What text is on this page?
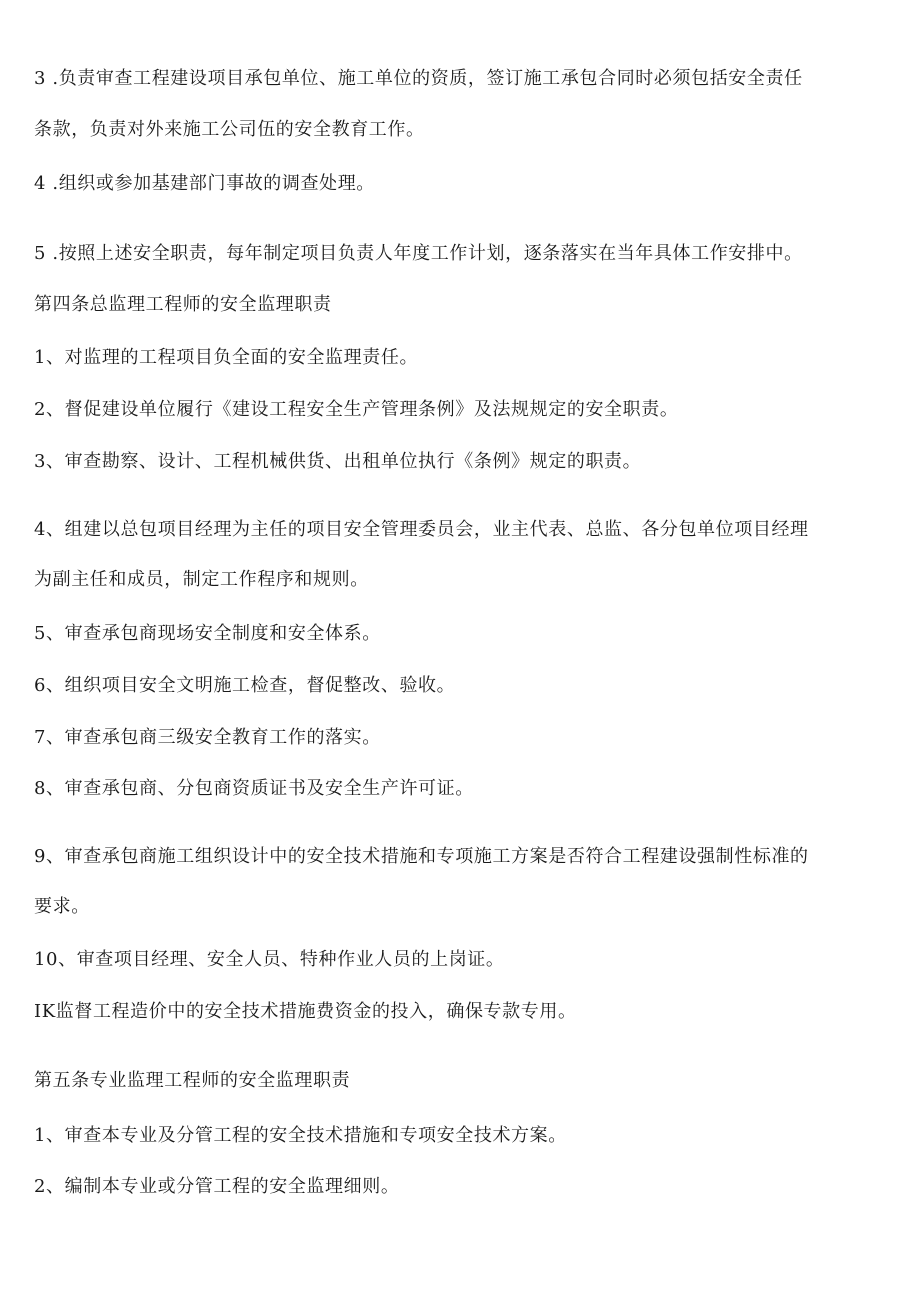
3 .负责审查工程建设项目承包单位、施工单位的资质，签订施工承包合同时必须包括安全责任
条款，负责对外来施工公司伍的安全教育工作。
4 .组织或参加基建部门事故的调查处理。
5 .按照上述安全职责，每年制定项目负责人年度工作计划，逐条落实在当年具体工作安排中。
第四条总监理工程师的安全监理职责
1、对监理的工程项目负全面的安全监理责任。
2、督促建设单位履行《建设工程安全生产管理条例》及法规规定的安全职责。
3、审查勘察、设计、工程机械供货、出租单位执行《条例》规定的职责。
4、组建以总包项目经理为主任的项目安全管理委员会，业主代表、总监、各分包单位项目经理
为副主任和成员，制定工作程序和规则。
5、审查承包商现场安全制度和安全体系。
6、组织项目安全文明施工检查，督促整改、验收。
7、审查承包商三级安全教育工作的落实。
8、审查承包商、分包商资质证书及安全生产许可证。
9、审查承包商施工组织设计中的安全技术措施和专项施工方案是否符合工程建设强制性标准的
要求。
10、审查项目经理、安全人员、特种作业人员的上岗证。
IK监督工程造价中的安全技术措施费资金的投入，确保专款专用。
第五条专业监理工程师的安全监理职责
1、审查本专业及分管工程的安全技术措施和专项安全技术方案。
2、编制本专业或分管工程的安全监理细则。
